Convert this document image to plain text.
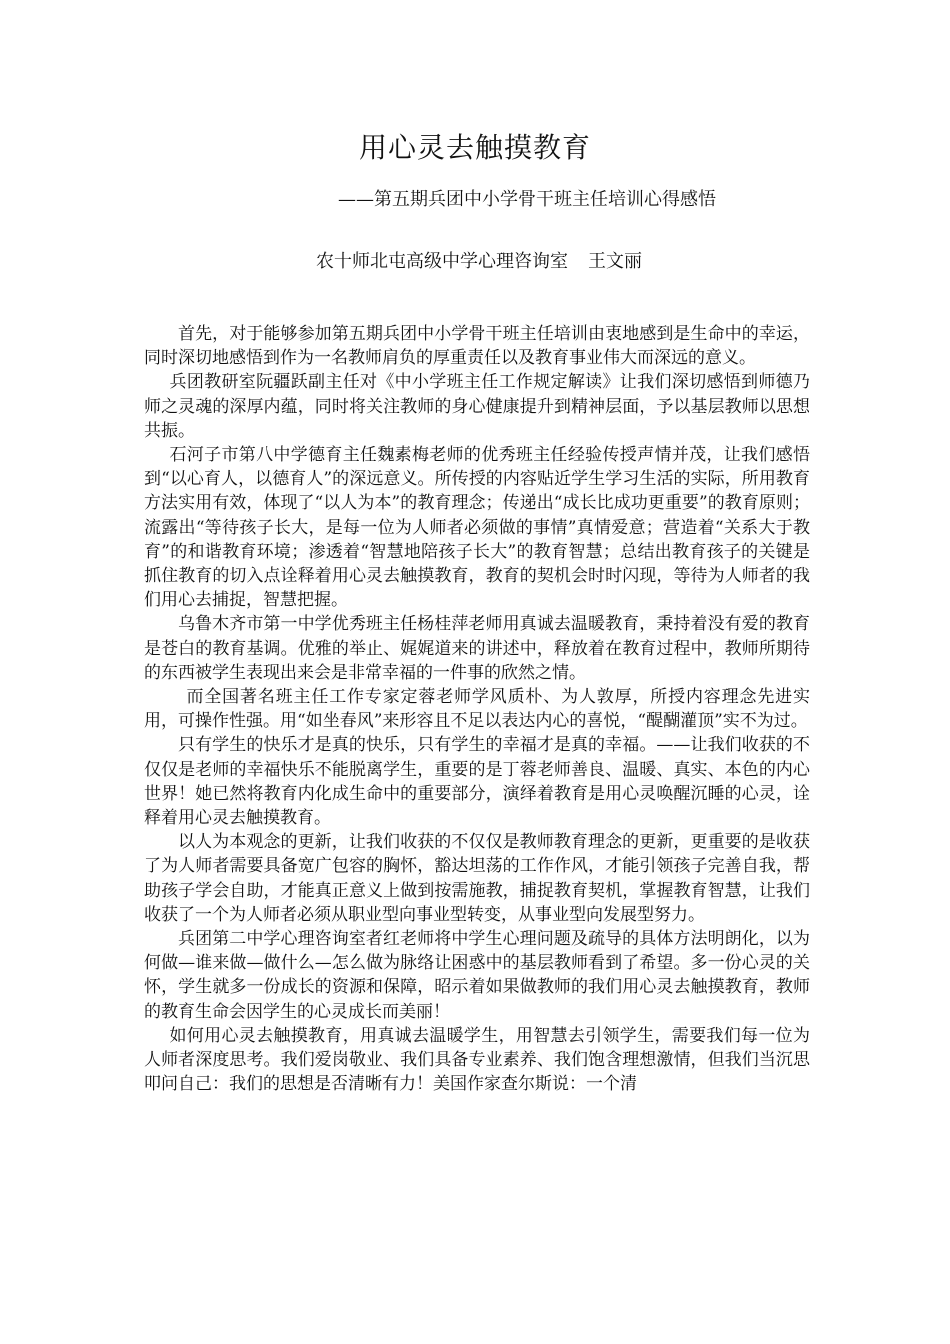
用心灵去触摸教育
——第五期兵团中小学骨干班主任培训心得感悟
农十师北屯高级中学心理咨询室 王文丽

首先，对于能够参加第五期兵团中小学骨干班主任培训由衷地感到是生命中的幸运，同时深切地感悟到作为一名教师肩负的厚重责任以及教育事业伟大而深远的意义。

兵团教研室阮疆跃副主任对《中小学班主任工作规定解读》让我们深切感悟到师德乃师之灵魂的深厚内蕴，同时将关注教师的身心健康提升到精神层面，予以基层教师以思想共振。

石河子市第八中学德育主任魏素梅老师的优秀班主任经验传授声情并茂，让我们感悟到“以心育人，以德育人”的深远意义。所传授的内容贴近学生学习生活的实际，所用教育方法实用有效，体现了“以人为本”的教育理念；传递出“成长比成功更重要”的教育原则；流露出“等待孩子长大，是每一位为人师者必须做的事情”真情爱意；营造着“关系大于教育”的和谐教育环境；渗透着“智慧地陪孩子长大”的教育智慧；总结出教育孩子的关键是抓住教育的切入点诠释着用心灵去触摸教育，教育的契机会时时闪现，等待为人师者的我们用心去捕捉，智慧把握。

乌鲁木齐市第一中学优秀班主任杨桂萍老师用真诚去温暖教育，秉持着没有爱的教育是苍白的教育基调。优雅的举止、娓娓道来的讲述中，释放着在教育过程中，教师所期待的东西被学生表现出来会是非常幸福的一件事的欣然之情。

而全国著名班主任工作专家定蓉老师学风质朴、为人敦厚，所授内容理念先进实用，可操作性强。用“如坐春风”来形容且不足以表达内心的喜悦，“醍醐灌顶”实不为过。

只有学生的快乐才是真的快乐，只有学生的幸福才是真的幸福。——让我们收获的不仅仅是老师的幸福快乐不能脱离学生，重要的是丁蓉老师善良、温暖、真实、本色的内心世界！她已然将教育内化成生命中的重要部分，演绎着教育是用心灵唤醒沉睡的心灵，诠释着用心灵去触摸教育。

以人为本观念的更新，让我们收获的不仅仅是教师教育理念的更新，更重要的是收获了为人师者需要具备宽广包容的胸怀，豁达坦荡的工作作风，才能引领孩子完善自我，帮助孩子学会自助，才能真正意义上做到按需施教，捕捉教育契机，掌握教育智慧，让我们收获了一个为人师者必须从职业型向事业型转变，从事业型向发展型努力。

兵团第二中学心理咨询室者红老师将中学生心理问题及疏导的具体方法明朗化，以为何做—谁来做—做什么—怎么做为脉络让困惑中的基层教师看到了希望。多一份心灵的关怀，学生就多一份成长的资源和保障，昭示着如果做教师的我们用心灵去触摸教育，教师的教育生命会因学生的心灵成长而美丽！

如何用心灵去触摸教育，用真诚去温暖学生，用智慧去引领学生，需要我们每一位为人师者深度思考。我们爱岗敬业、我们具备专业素养、我们饱含理想激情，但我们当沉思叩问自己：我们的思想是否清晰有力！美国作家查尔斯说：一个清
